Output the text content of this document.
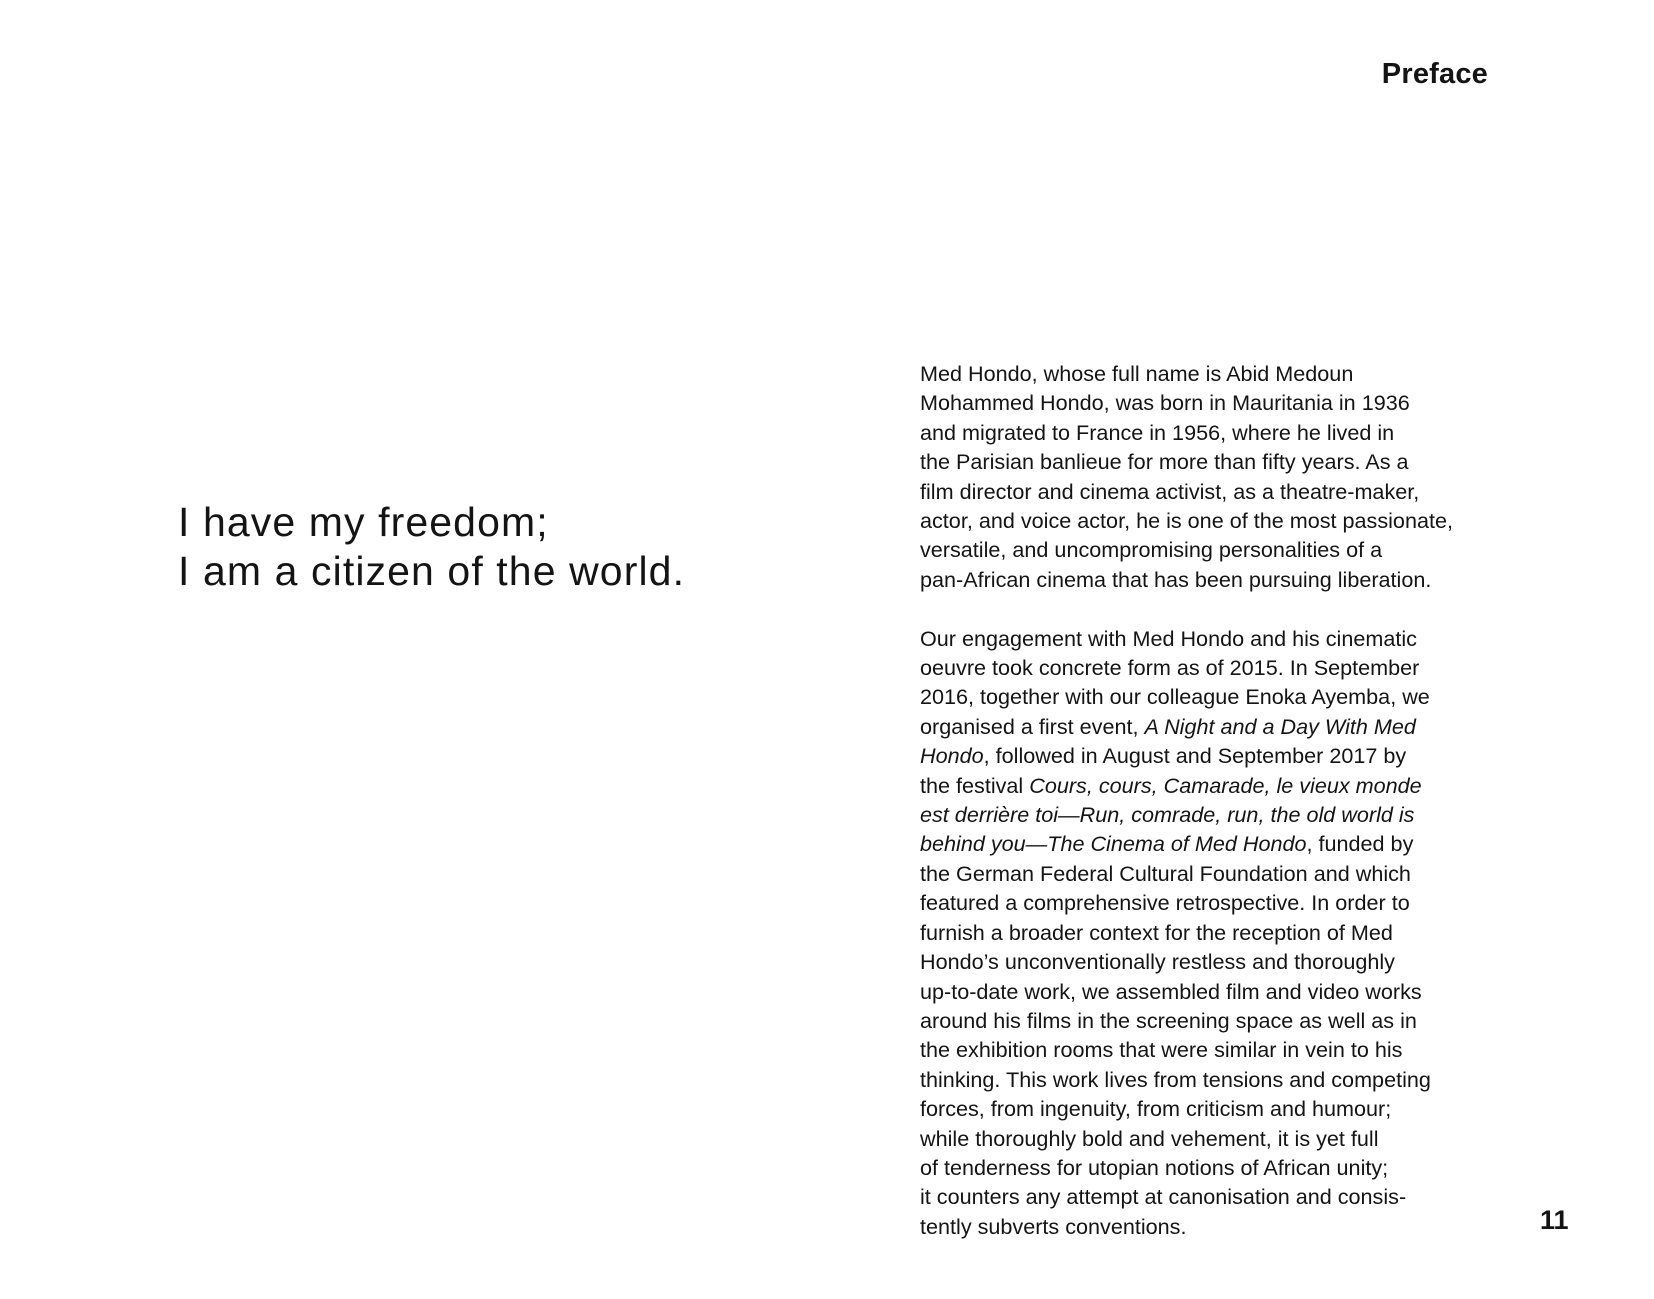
Preface
I have my freedom;
I am a citizen of the world.

Med Hondo, whose full name is Abid Medoun
Mohammed Hondo, was born in Mauritania in 1936
and migrated to France in 1956, where he lived in
the Parisian banlieue for more than fifty years. As a
film director and cinema activist, as a theatre-maker,
actor, and voice actor, he is one of the most passionate,
versatile, and uncompromising personalities of a
pan-African cinema that has been pursuing liberation.

Our engagement with Med Hondo and his cinematic
oeuvre took concrete form as of 2015. In September
2016, together with our colleague Enoka Ayemba, we
organised a first event, A Night and a Day With Med
Hondo, followed in August and September 2017 by
the festival Cours, cours, Camarade, le vieux monde
est derrière toi—Run, comrade, run, the old world is
behind you—The Cinema of Med Hondo, funded by
the German Federal Cultural Foundation and which
featured a comprehensive retrospective. In order to
furnish a broader context for the reception of Med
Hondo’s unconventionally restless and thoroughly
up-to-date work, we assembled film and video works
around his films in the screening space as well as in
the exhibition rooms that were similar in vein to his
thinking. This work lives from tensions and competing
forces, from ingenuity, from criticism and humour;
while thoroughly bold and vehement, it is yet full
of tenderness for utopian notions of African unity;
it counters any attempt at canonisation and consis-
tently subverts conventions.	11
